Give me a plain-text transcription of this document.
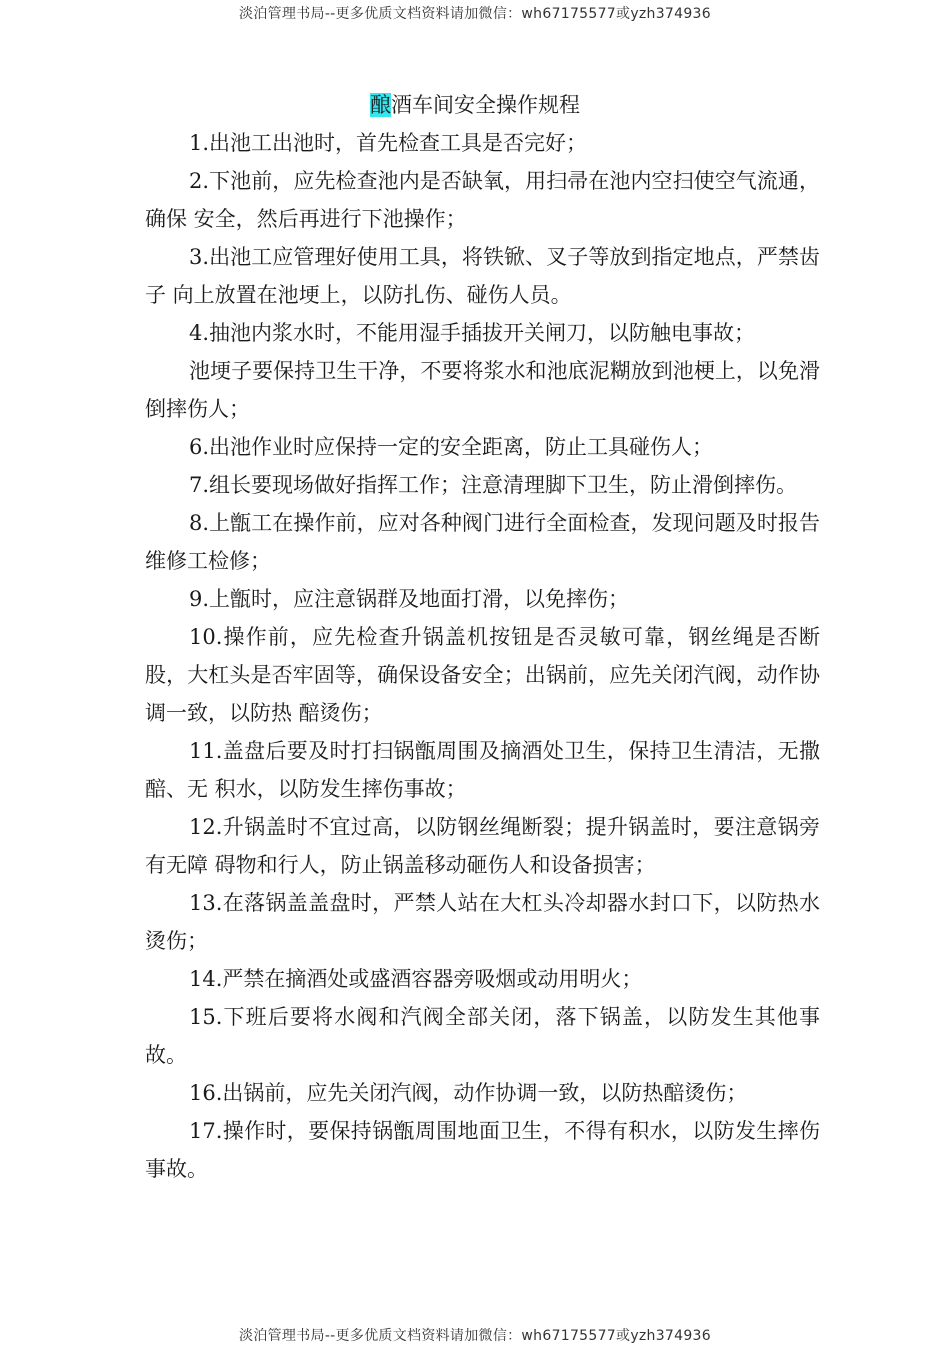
淡泊管理书局--更多优质文档资料请加微信：wh67175577或yzh374936
酿酒车间安全操作规程

1.出池工出池时，首先检查工具是否完好；

2.下池前，应先检查池内是否缺氧，用扫帚在池内空扫使空气流通，确保 安全，然后再进行下池操作；

3.出池工应管理好使用工具，将铁锨、叉子等放到指定地点，严禁齿子 向上放置在池埂上，以防扎伤、碰伤人员。

4.抽池内浆水时，不能用湿手插拔开关闸刀，以防触电事故；

池埂子要保持卫生干净，不要将浆水和池底泥糊放到池梗上，以免滑倒摔伤人；

6.出池作业时应保持一定的安全距离，防止工具碰伤人；

7.组长要现场做好指挥工作；注意清理脚下卫生，防止滑倒摔伤。

8.上甑工在操作前，应对各种阀门进行全面检查，发现问题及时报告维修工检修；

9.上甑时，应注意锅群及地面打滑，以免摔伤；

10.操作前，应先检查升锅盖机按钮是否灵敏可靠，钢丝绳是否断股，大杠头是否牢固等，确保设备安全；出锅前，应先关闭汽阀，动作协调一致，以防热 醅烫伤；

11.盖盘后要及时打扫锅甑周围及摘酒处卫生，保持卫生清洁，无撒醅、无 积水，以防发生摔伤事故；

12.升锅盖时不宜过高，以防钢丝绳断裂；提升锅盖时，要注意锅旁有无障 碍物和行人，防止锅盖移动砸伤人和设备损害；

13.在落锅盖盖盘时，严禁人站在大杠头冷却器水封口下，以防热水烫伤；

14.严禁在摘酒处或盛酒容器旁吸烟或动用明火；

15.下班后要将水阀和汽阀全部关闭，落下锅盖，以防发生其他事故。

16.出锅前，应先关闭汽阀，动作协调一致，以防热醅烫伤；

17.操作时，要保持锅甑周围地面卫生，不得有积水，以防发生摔伤事故。

淡泊管理书局--更多优质文档资料请加微信：wh67175577或yzh374936
